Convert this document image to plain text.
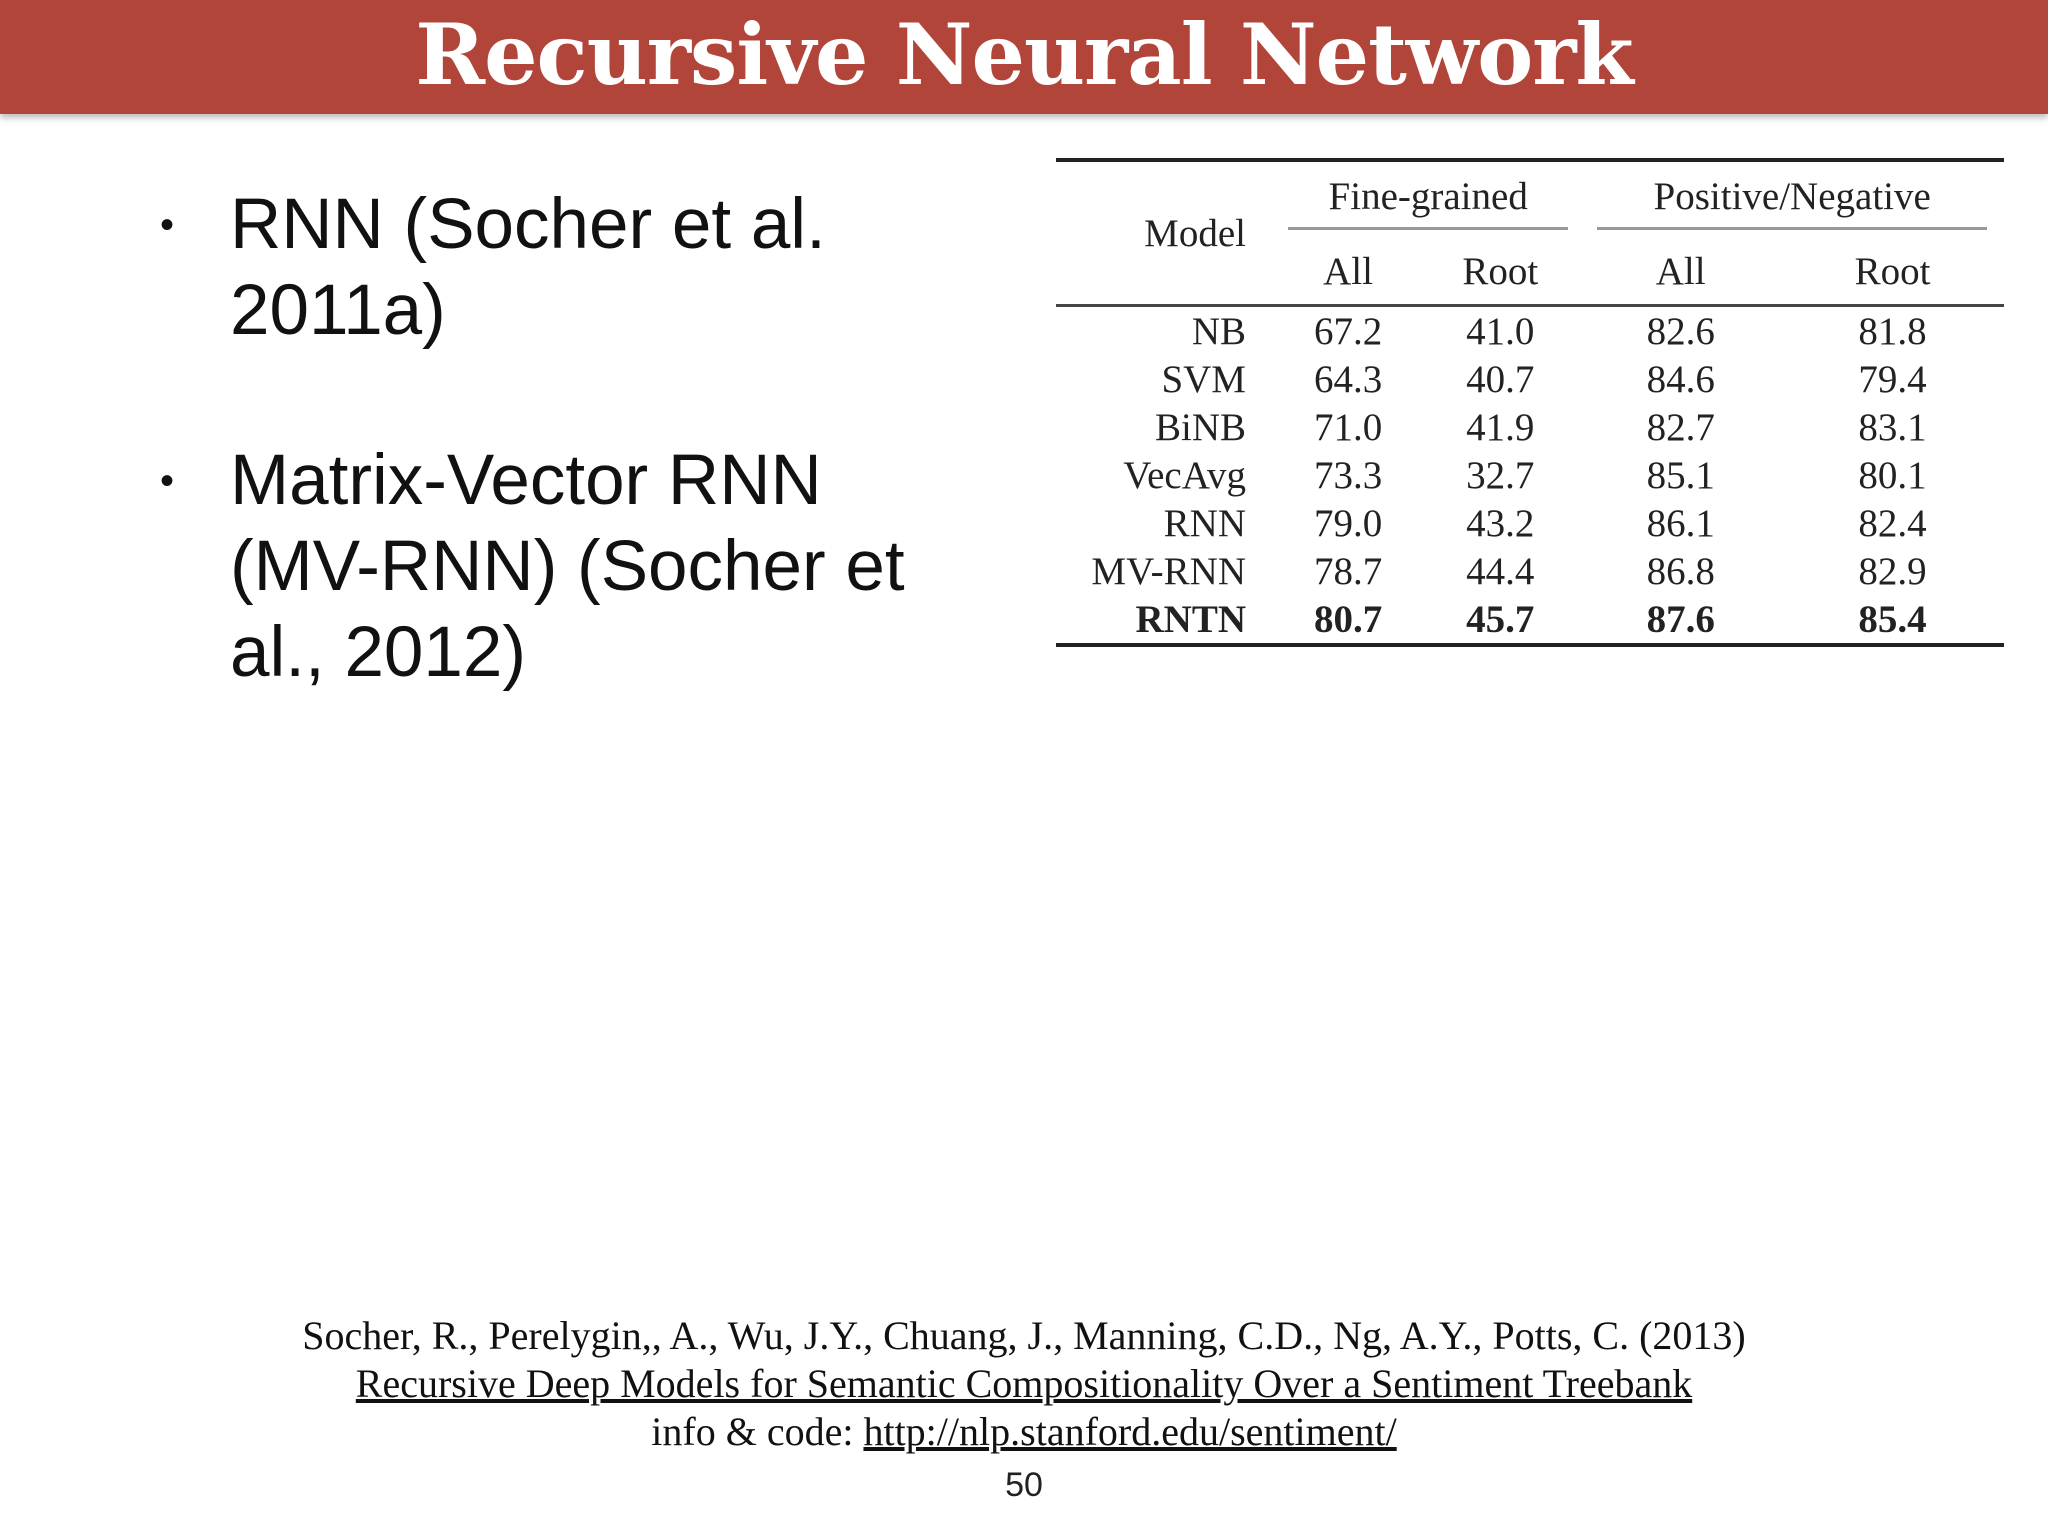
Recursive Neural Network
• RNN (Socher et al. 2011a)
• Matrix-Vector RNN (MV-RNN) (Socher et al., 2012)
Model	Fine-grained		Positive/Negative	
	All	Root	All	Root
NB	67.2	41.0	82.6	81.8
SVM	64.3	40.7	84.6	79.4
BiNB	71.0	41.9	82.7	83.1
VecAvg	73.3	32.7	85.1	80.1
RNN	79.0	43.2	86.1	82.4
MV-RNN	78.7	44.4	86.8	82.9
RNTN	80.7	45.7	87.6	85.4
Socher, R., Perelygin,, A., Wu, J.Y., Chuang, J., Manning, C.D., Ng, A.Y., Potts, C. (2013)
Recursive Deep Models for Semantic Compositionality Over a Sentiment Treebank
info & code: http://nlp.stanford.edu/sentiment/
50
